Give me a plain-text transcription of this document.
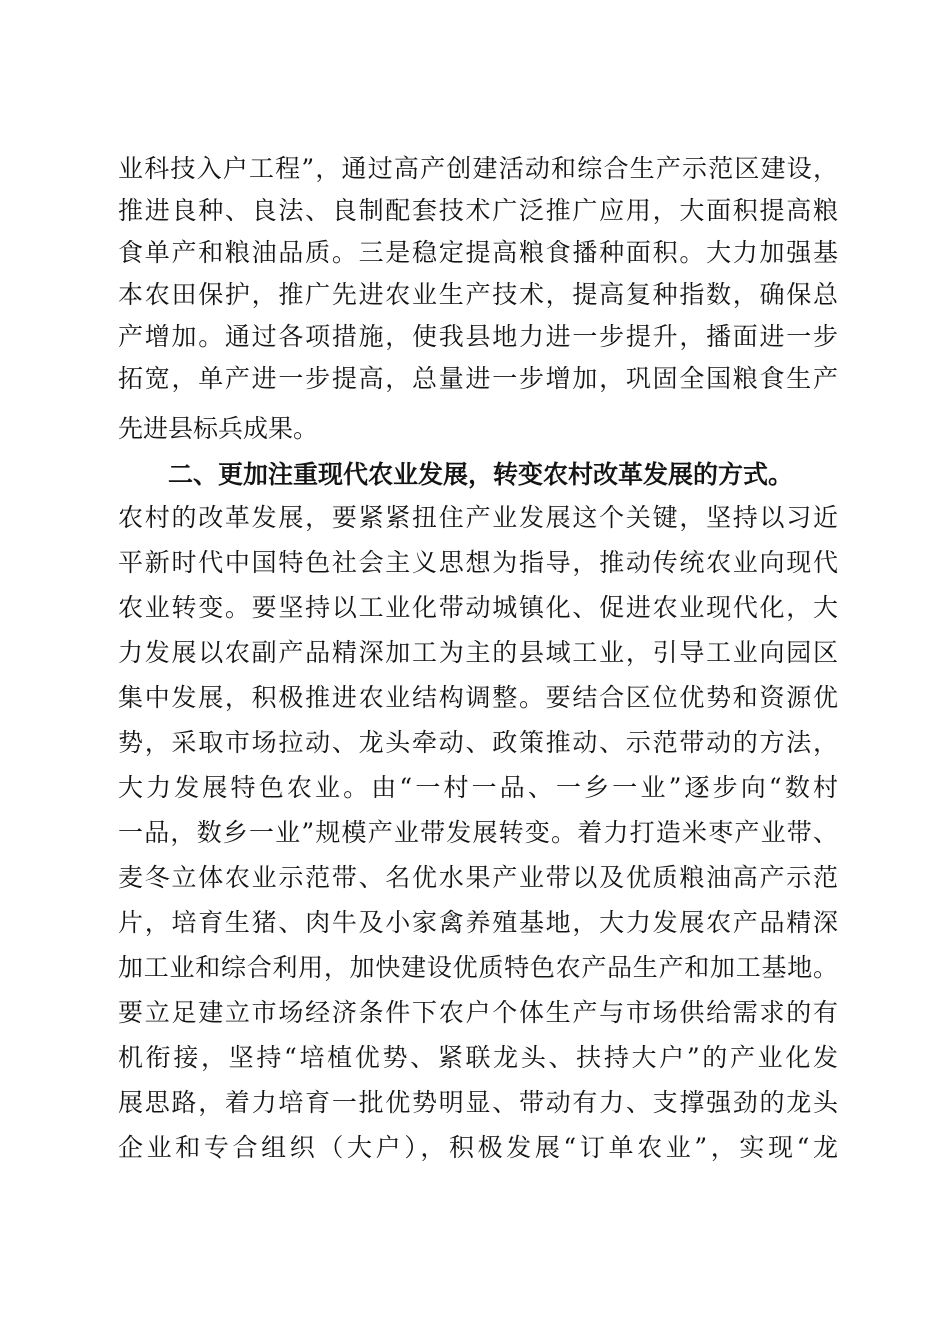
业科技入户工程”，通过高产创建活动和综合生产示范区建设，
推进良种、良法、良制配套技术广泛推广应用，大面积提高粮
食单产和粮油品质。三是稳定提高粮食播种面积。大力加强基
本农田保护，推广先进农业生产技术，提高复种指数，确保总
产增加。通过各项措施，使我县地力进一步提升，播面进一步
拓宽，单产进一步提高，总量进一步增加，巩固全国粮食生产
先进县标兵成果。
二、更加注重现代农业发展，转变农村改革发展的方式。
农村的改革发展，要紧紧扭住产业发展这个关键，坚持以习近
平新时代中国特色社会主义思想为指导，推动传统农业向现代
农业转变。要坚持以工业化带动城镇化、促进农业现代化，大
力发展以农副产品精深加工为主的县域工业，引导工业向园区
集中发展，积极推进农业结构调整。要结合区位优势和资源优
势，采取市场拉动、龙头牵动、政策推动、示范带动的方法，
大力发展特色农业。由“一村一品、一乡一业”逐步向“数村
一品，数乡一业”规模产业带发展转变。着力打造米枣产业带、
麦冬立体农业示范带、名优水果产业带以及优质粮油高产示范
片，培育生猪、肉牛及小家禽养殖基地，大力发展农产品精深
加工业和综合利用，加快建设优质特色农产品生产和加工基地。
要立足建立市场经济条件下农户个体生产与市场供给需求的有
机衔接，坚持“培植优势、紧联龙头、扶持大户”的产业化发
展思路，着力培育一批优势明显、带动有力、支撑强劲的龙头
企业和专合组织（大户），积极发展“订单农业”，实现“龙
